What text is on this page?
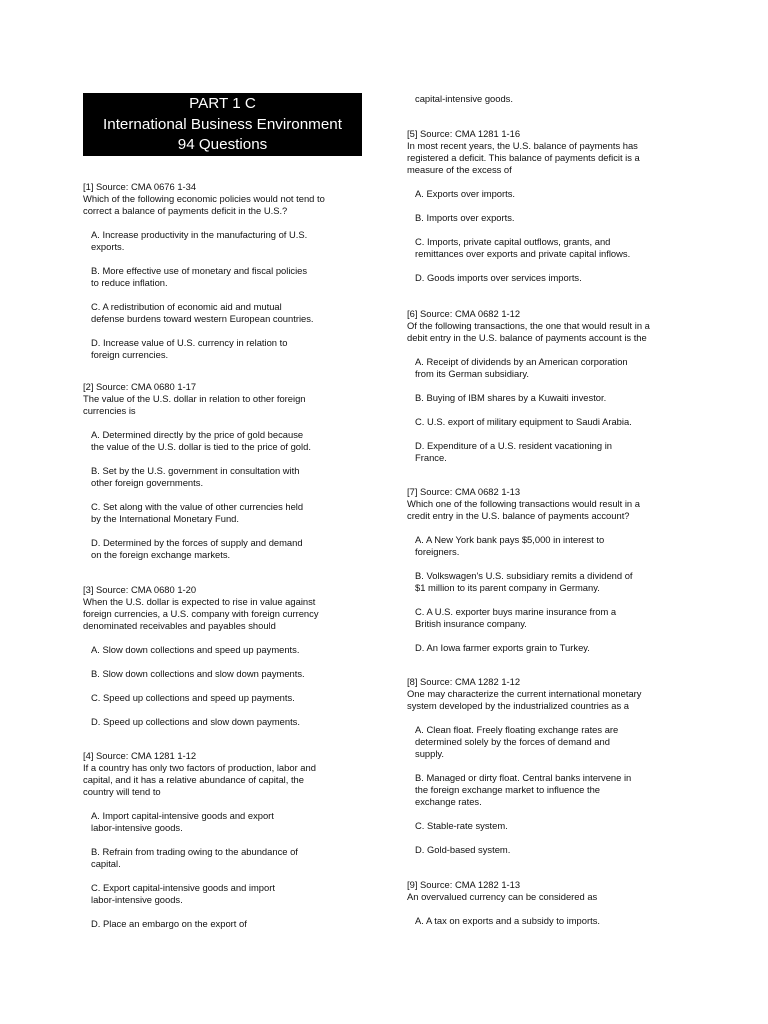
PART 1 C
International Business Environment
94 Questions
[1] Source: CMA 0676 1-34
Which of the following economic policies would not tend to
correct a balance of payments deficit in the U.S.?
A. Increase productivity in the manufacturing of U.S.
exports.
B. More effective use of monetary and fiscal policies
to reduce inflation.
C. A redistribution of economic aid and mutual
defense burdens toward western European countries.
D. Increase value of U.S. currency in relation to
foreign currencies.
[2] Source: CMA 0680 1-17
The value of the U.S. dollar in relation to other foreign
currencies is
A. Determined directly by the price of gold because
the value of the U.S. dollar is tied to the price of gold.
B. Set by the U.S. government in consultation with
other foreign governments.
C. Set along with the value of other currencies held
by the International Monetary Fund.
D. Determined by the forces of supply and demand
on the foreign exchange markets.
[3] Source: CMA 0680 1-20
When the U.S. dollar is expected to rise in value against
foreign currencies, a U.S. company with foreign currency
denominated receivables and payables should
A. Slow down collections and speed up payments.
B. Slow down collections and slow down payments.
C. Speed up collections and speed up payments.
D. Speed up collections and slow down payments.
[4] Source: CMA 1281 1-12
If a country has only two factors of production, labor and
capital, and it has a relative abundance of capital, the
country will tend to
A. Import capital-intensive goods and export
labor-intensive goods.
B. Refrain from trading owing to the abundance of
capital.
C. Export capital-intensive goods and import
labor-intensive goods.
D. Place an embargo on the export of
capital-intensive goods.
[5] Source: CMA 1281 1-16
In most recent years, the U.S. balance of payments has
registered a deficit. This balance of payments deficit is a
measure of the excess of
A. Exports over imports.
B. Imports over exports.
C. Imports, private capital outflows, grants, and
remittances over exports and private capital inflows.
D. Goods imports over services imports.
[6] Source: CMA 0682 1-12
Of the following transactions, the one that would result in a
debit entry in the U.S. balance of payments account is the
A. Receipt of dividends by an American corporation
from its German subsidiary.
B. Buying of IBM shares by a Kuwaiti investor.
C. U.S. export of military equipment to Saudi Arabia.
D. Expenditure of a U.S. resident vacationing in
France.
[7] Source: CMA 0682 1-13
Which one of the following transactions would result in a
credit entry in the U.S. balance of payments account?
A. A New York bank pays $5,000 in interest to
foreigners.
B. Volkswagen's U.S. subsidiary remits a dividend of
$1 million to its parent company in Germany.
C. A U.S. exporter buys marine insurance from a
British insurance company.
D. An Iowa farmer exports grain to Turkey.
[8] Source: CMA 1282 1-12
One may characterize the current international monetary
system developed by the industrialized countries as a
A. Clean float. Freely floating exchange rates are
determined solely by the forces of demand and
supply.
B. Managed or dirty float. Central banks intervene in
the foreign exchange market to influence the
exchange rates.
C. Stable-rate system.
D. Gold-based system.
[9] Source: CMA 1282 1-13
An overvalued currency can be considered as
A. A tax on exports and a subsidy to imports.
